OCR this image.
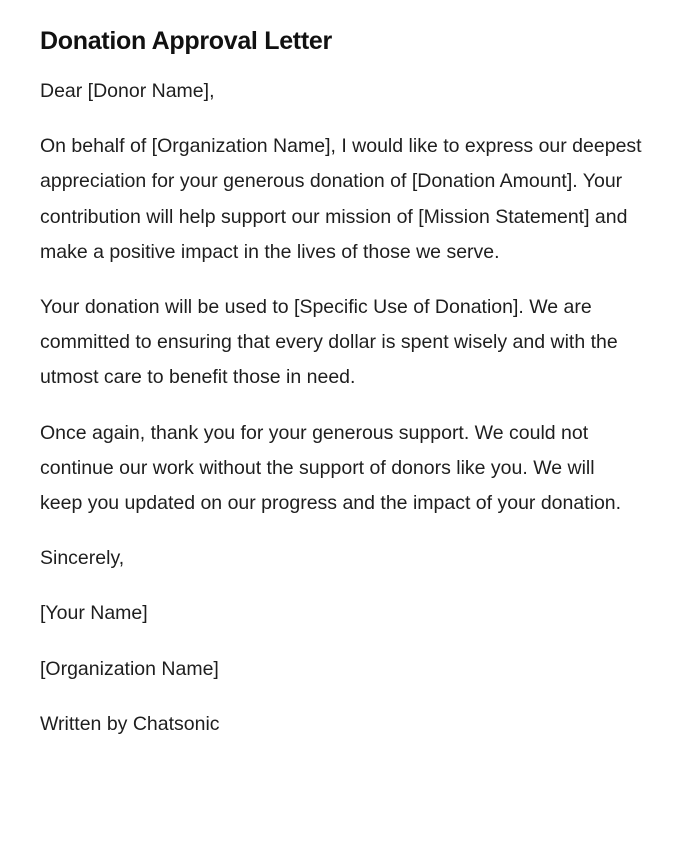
Donation Approval Letter

Dear [Donor Name],

On behalf of [Organization Name], I would like to express our deepest appreciation for your generous donation of [Donation Amount]. Your contribution will help support our mission of [Mission Statement] and make a positive impact in the lives of those we serve.

Your donation will be used to [Specific Use of Donation]. We are committed to ensuring that every dollar is spent wisely and with the utmost care to benefit those in need.

Once again, thank you for your generous support. We could not continue our work without the support of donors like you. We will keep you updated on our progress and the impact of your donation.

Sincerely,

[Your Name]

[Organization Name]

Written by Chatsonic
